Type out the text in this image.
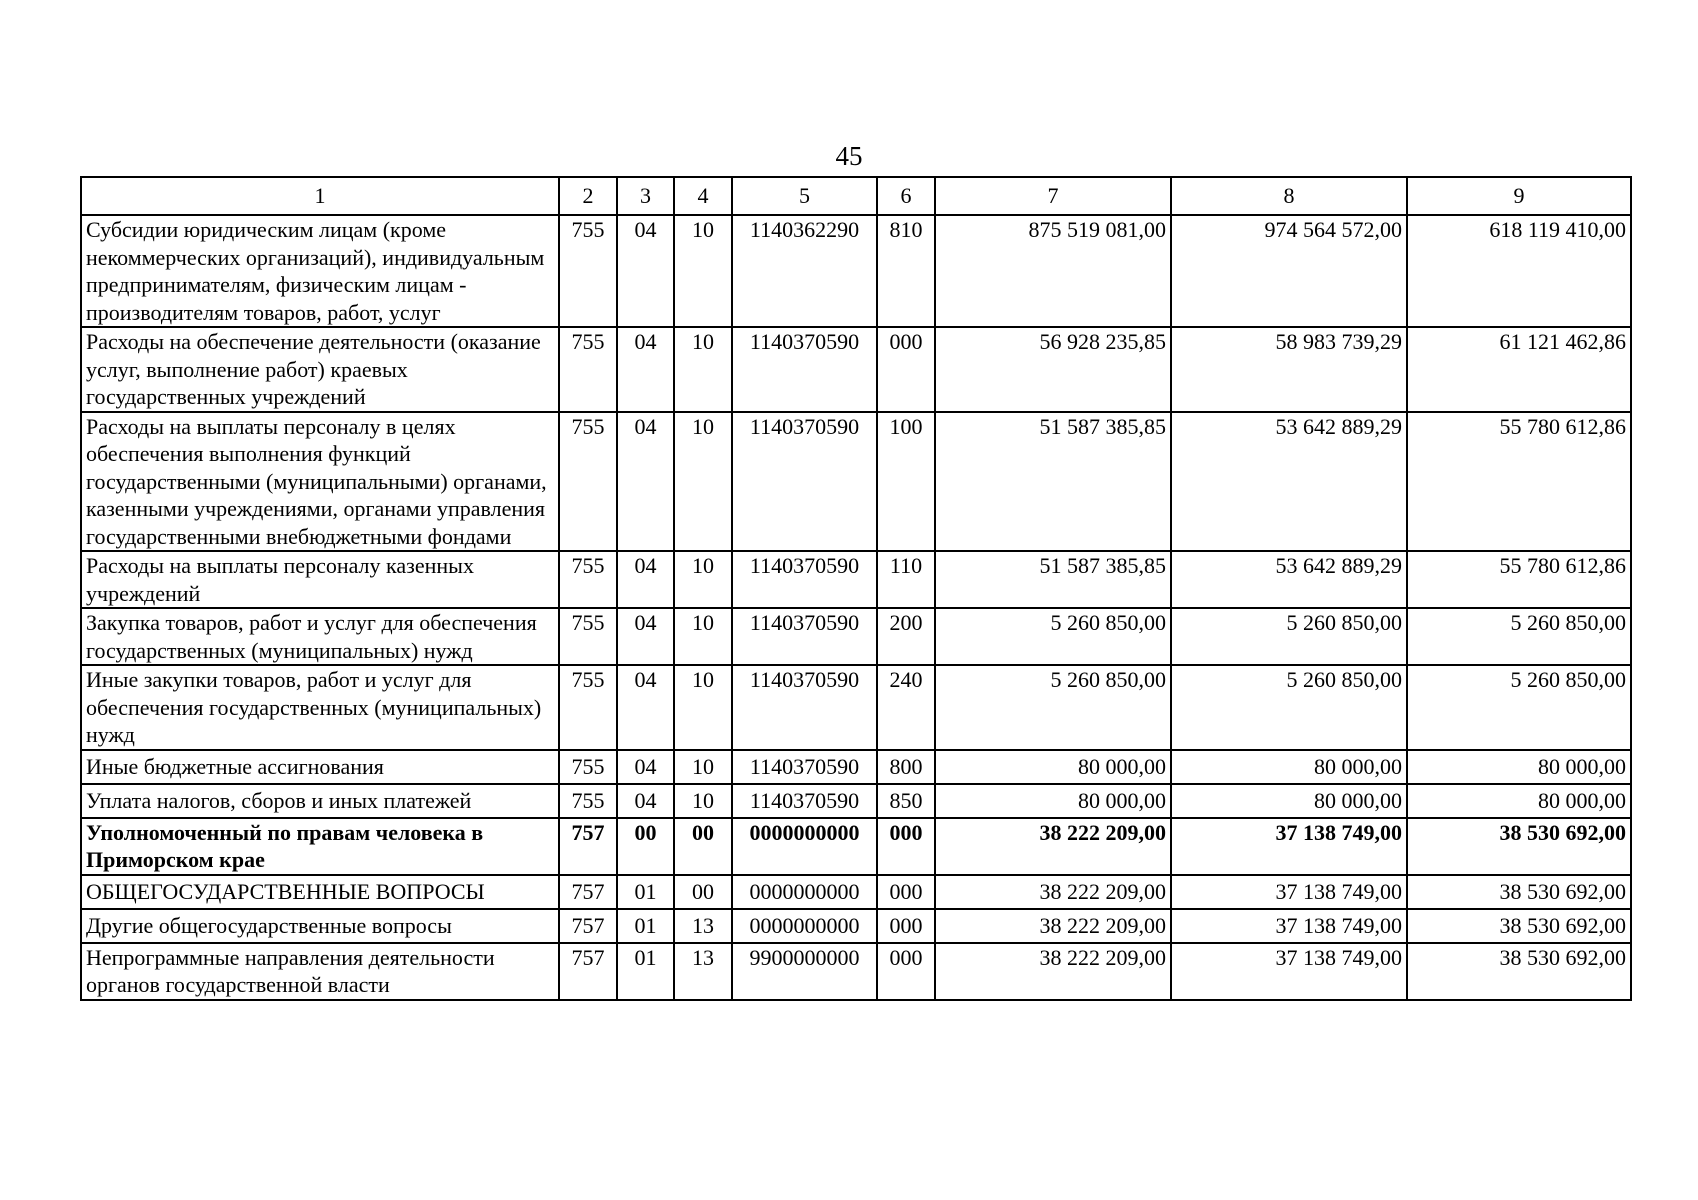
45
1	2	3	4	5	6	7	8	9
Субсидии юридическим лицам (кроме некоммерческих организаций), индивидуальным предпринимателям, физическим лицам - производителям товаров, работ, услуг	755	04	10	1140362290	810	875 519 081,00	974 564 572,00	618 119 410,00
Расходы на обеспечение деятельности (оказание услуг, выполнение работ) краевых государственных учреждений	755	04	10	1140370590	000	56 928 235,85	58 983 739,29	61 121 462,86
Расходы на выплаты персоналу в целях обеспечения выполнения функций государственными (муниципальными) органами, казенными учреждениями, органами управления государственными внебюджетными фондами	755	04	10	1140370590	100	51 587 385,85	53 642 889,29	55 780 612,86
Расходы на выплаты персоналу казенных учреждений	755	04	10	1140370590	110	51 587 385,85	53 642 889,29	55 780 612,86
Закупка товаров, работ и услуг для обеспечения государственных (муниципальных) нужд	755	04	10	1140370590	200	5 260 850,00	5 260 850,00	5 260 850,00
Иные закупки товаров, работ и услуг для обеспечения государственных (муниципальных) нужд	755	04	10	1140370590	240	5 260 850,00	5 260 850,00	5 260 850,00
Иные бюджетные ассигнования	755	04	10	1140370590	800	80 000,00	80 000,00	80 000,00
Уплата налогов, сборов и иных платежей	755	04	10	1140370590	850	80 000,00	80 000,00	80 000,00
Уполномоченный по правам человека в Приморском крае	757	00	00	0000000000	000	38 222 209,00	37 138 749,00	38 530 692,00
ОБЩЕГОСУДАРСТВЕННЫЕ ВОПРОСЫ	757	01	00	0000000000	000	38 222 209,00	37 138 749,00	38 530 692,00
Другие общегосударственные вопросы	757	01	13	0000000000	000	38 222 209,00	37 138 749,00	38 530 692,00
Непрограммные направления деятельности органов государственной власти	757	01	13	9900000000	000	38 222 209,00	37 138 749,00	38 530 692,00
